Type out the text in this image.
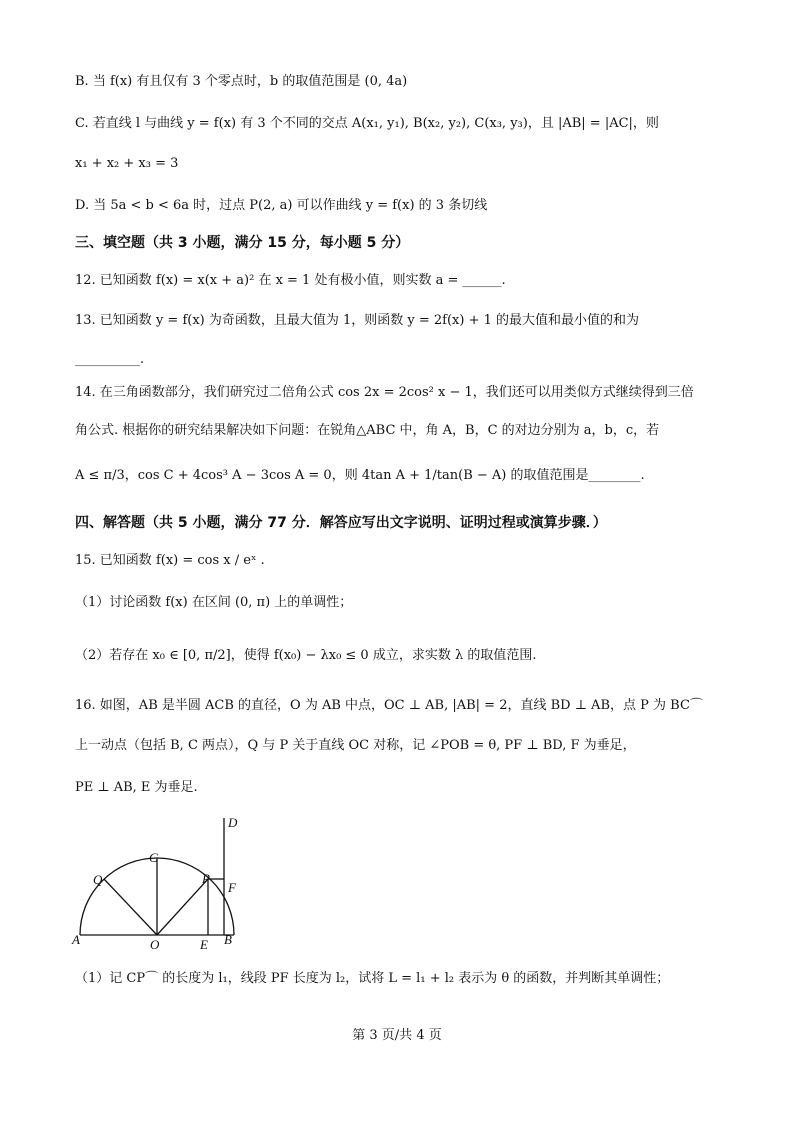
B. 当 f(x) 有且仅有 3 个零点时，b 的取值范围是 (0, 4a)
C. 若直线 l 与曲线 y = f(x) 有 3 个不同的交点 A(x₁, y₁), B(x₂, y₂), C(x₃, y₃)，且 |AB| = |AC|，则
x₁ + x₂ + x₃ = 3
D. 当 5a < b < 6a 时，过点 P(2, a) 可以作曲线 y = f(x) 的 3 条切线
三、填空题（共 3 小题，满分 15 分，每小题 5 分）
12. 已知函数 f(x) = x(x + a)² 在 x = 1 处有极小值，则实数 a = ______.
13. 已知函数 y = f(x) 为奇函数，且最大值为 1，则函数 y = 2f(x) + 1 的最大值和最小值的和为
__________.
14. 在三角函数部分，我们研究过二倍角公式 cos 2x = 2cos² x − 1，我们还可以用类似方式继续得到三倍
角公式. 根据你的研究结果解决如下问题：在锐角△ABC 中，角 A，B，C 的对边分别为 a，b，c，若
A ≤ π/3，cos C + 4cos³ A − 3cos A = 0，则 4tan A + 1/tan(B − A) 的取值范围是________.
四、解答题（共 5 小题，满分 77 分．解答应写出文字说明、证明过程或演算步骤．）
15. 已知函数 f(x) = cos x / eˣ .
（1）讨论函数 f(x) 在区间 (0, π) 上的单调性；
（2）若存在 x₀ ∈ [0, π/2]，使得 f(x₀) − λx₀ ≤ 0 成立，求实数 λ 的取值范围.
16. 如图，AB 是半圆 ACB 的直径，O 为 AB 中点，OC ⊥ AB, |AB| = 2，直线 BD ⊥ AB，点 P 为 BC⌒
上一动点（包括 B, C 两点），Q 与 P 关于直线 OC 对称，记 ∠POB = θ, PF ⊥ BD, F 为垂足，
PE ⊥ AB, E 为垂足.
D
C
Q	P
F
A	O	E B
（1）记 CP⌒ 的长度为 l₁，线段 PF 长度为 l₂，试将 L = l₁ + l₂ 表示为 θ 的函数，并判断其单调性；
第 3 页/共 4 页
